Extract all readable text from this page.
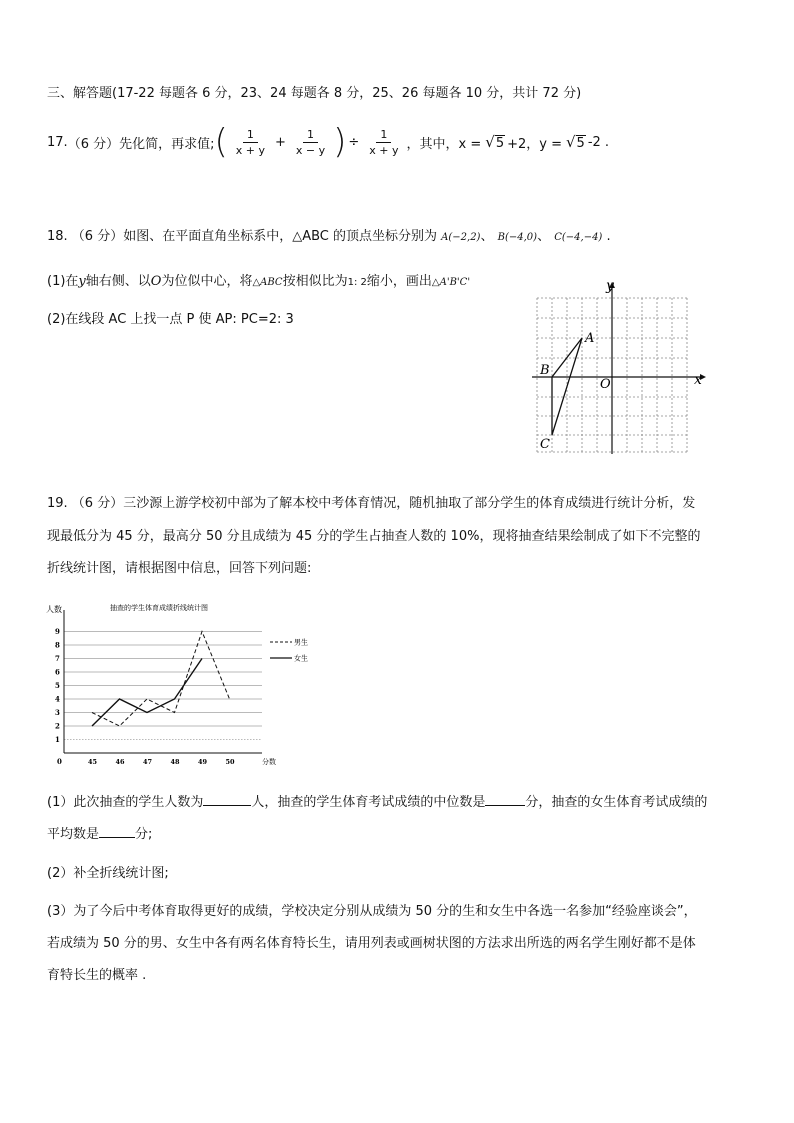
三、解答题(17-22 每题各 6 分，23、24 每题各 8 分，25、26 每题各 10 分，共计 72 分)
17. （6 分） 先化简，再求值; ( $\frac{1}{x + y} + \frac{1}{x - y}$ ) ÷ $\frac{1}{x + y}$ ，其中，x = √ 5 +2，y = √ 5 -2 .
18. （6 分）如图、在平面直角坐标系中，△ABC 的顶点坐标分别为 A(−2,2)、 B(−4,0)、 C(−4,−4) .
(1)在y轴右侧、以O为位似中心，将△ABC按相似比为1: 2缩小，画出△A'B'C'
(2)在线段 AC 上找一点 P 使 AP: PC=2: 3
y
x
O
A
B
C
19. （6 分）三沙源上游学校初中部为了解本校中考体育情况，随机抽取了部分学生的体育成绩进行统计分析，发
现最低分为 45 分，最高分 50 分且成绩为 45 分的学生占抽查人数的 10%，现将抽查结果绘制成了如下不完整的
折线统计图，请根据图中信息，回答下列问题:
1
2
3
4
5
6
7
8
9
45	46	47	48	49	50
男生
女生
抽查的学生体育成绩折线统计图
人数
分数
0
(1）此次抽查的学生人数为	人，抽查的学生体育考试成绩的中位数是	分，抽查的女生体育考试成绩的
平均数是	分;
(2）补全折线统计图;
(3）为了今后中考体育取得更好的成绩，学校决定分别从成绩为 50 分的生和女生中各选一名参加“经验座谈会”，
若成绩为 50 分的男、女生中各有两名体育特长生，请用列表或画树状图的方法求出所选的两名学生刚好都不是体
育特长生的概率 .
